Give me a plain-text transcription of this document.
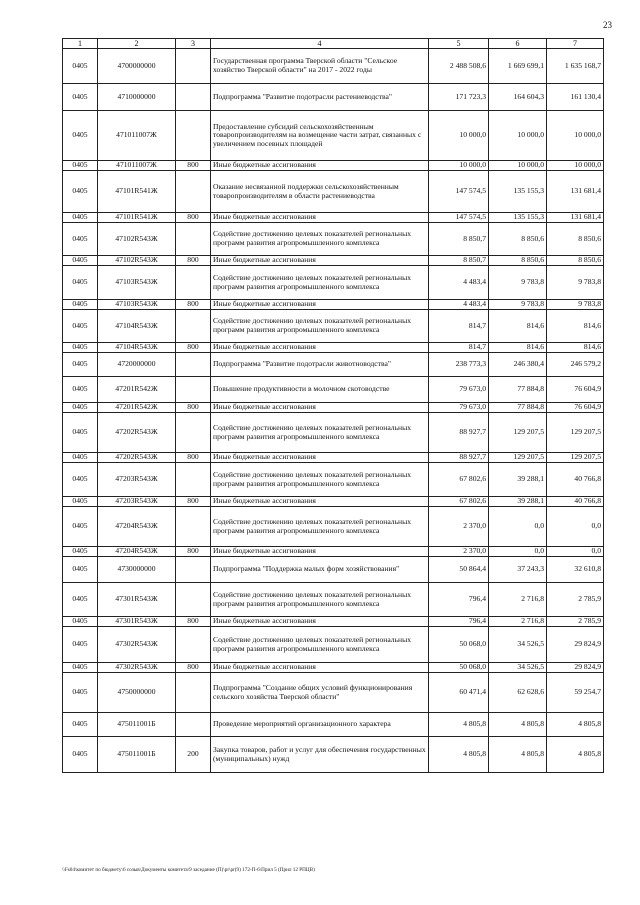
23
1	2	3	4	5	6	7
0405	4700000000		Государственная программа Тверской области "Сельское хозяйство Тверской области" на 2017 - 2022 годы	2 488 508,6	1 669 699,1	1 635 168,7
0405	4710000000		Подпрограмма "Развитие подотрасли растениеводства"	171 723,3	164 604,3	161 130,4
0405	471011007Ж		Предоставление субсидий сельскохозяйственным товаропроизводителям на возмещение части затрат, связанных с увеличением посевных площадей	10 000,0	10 000,0	10 000,0
0405	471011007Ж	800	Иные бюджетные ассигнования	10 000,0	10 000,0	10 000,0
0405	47101R541Ж		Оказание несвязанной поддержки сельскохозяйственным товаропроизводителям в области растениеводства	147 574,5	135 155,3	131 681,4
0405	47101R541Ж	800	Иные бюджетные ассигнования	147 574,5	135 155,3	131 681,4
0405	47102R543Ж		Содействие достижению целевых показателей региональных программ развития агропромышленного комплекса	8 850,7	8 850,6	8 850,6
0405	47102R543Ж	800	Иные бюджетные ассигнования	8 850,7	8 850,6	8 850,6
0405	47103R543Ж		Содействие достижению целевых показателей региональных программ развития агропромышленного комплекса	4 483,4	9 783,8	9 783,8
0405	47103R543Ж	800	Иные бюджетные ассигнования	4 483,4	9 783,8	9 783,8
0405	47104R543Ж		Содействие достижению целевых показателей региональных программ развития агропромышленного комплекса	814,7	814,6	814,6
0405	47104R543Ж	800	Иные бюджетные ассигнования	814,7	814,6	814,6
0405	4720000000		Подпрограмма "Развитие подотрасли животноводства"	238 773,3	246 380,4	246 579,2
0405	47201R542Ж		Повышение продуктивности в молочном скотоводстве	79 673,0	77 884,8	76 604,9
0405	47201R542Ж	800	Иные бюджетные ассигнования	79 673,0	77 884,8	76 604,9
0405	47202R543Ж		Содействие достижению целевых показателей региональных программ развития агропромышленного комплекса	88 927,7	129 207,5	129 207,5
0405	47202R543Ж	800	Иные бюджетные ассигнования	88 927,7	129 207,5	129 207,5
0405	47203R543Ж		Содействие достижению целевых показателей региональных программ развития агропромышленного комплекса	67 802,6	39 288,1	40 766,8
0405	47203R543Ж	800	Иные бюджетные ассигнования	67 802,6	39 288,1	40 766,8
0405	47204R543Ж		Содействие достижению целевых показателей региональных программ развития агропромышленного комплекса	2 370,0	0,0	0,0
0405	47204R543Ж	800	Иные бюджетные ассигнования	2 370,0	0,0	0,0
0405	4730000000		Подпрограмма "Поддержка малых форм хозяйствования"	50 864,4	37 243,3	32 610,8
0405	47301R543Ж		Содействие достижению целевых показателей региональных программ развития агропромышленного комплекса	796,4	2 716,8	2 785,9
0405	47301R543Ж	800	Иные бюджетные ассигнования	796,4	2 716,8	2 785,9
0405	47302R543Ж		Содействие достижению целевых показателей региональных программ развития агропромышленного комплекса	50 068,0	34 526,5	29 824,9
0405	47302R543Ж	800	Иные бюджетные ассигнования	50 068,0	34 526,5	29 824,9
0405	4750000000		Подпрограмма "Создание общих условий функционирования сельского хозяйства Тверской области"	60 471,4	62 628,6	59 254,7
0405	475011001Б		Проведение мероприятий организационного характера	4 805,8	4 805,8	4 805,8
0405	475011001Б	200	Закупка товаров, работ и услуг для обеспечения государственных (муниципальных) нужд	4 805,8	4 805,8	4 805,8
\\Fs04\комитет по бюджету\6 созыв\Документы комитета\9 заседание (П)\pr\pr(9) 172-П-6\Прил 5 (Прил 12 РПЦВ)
